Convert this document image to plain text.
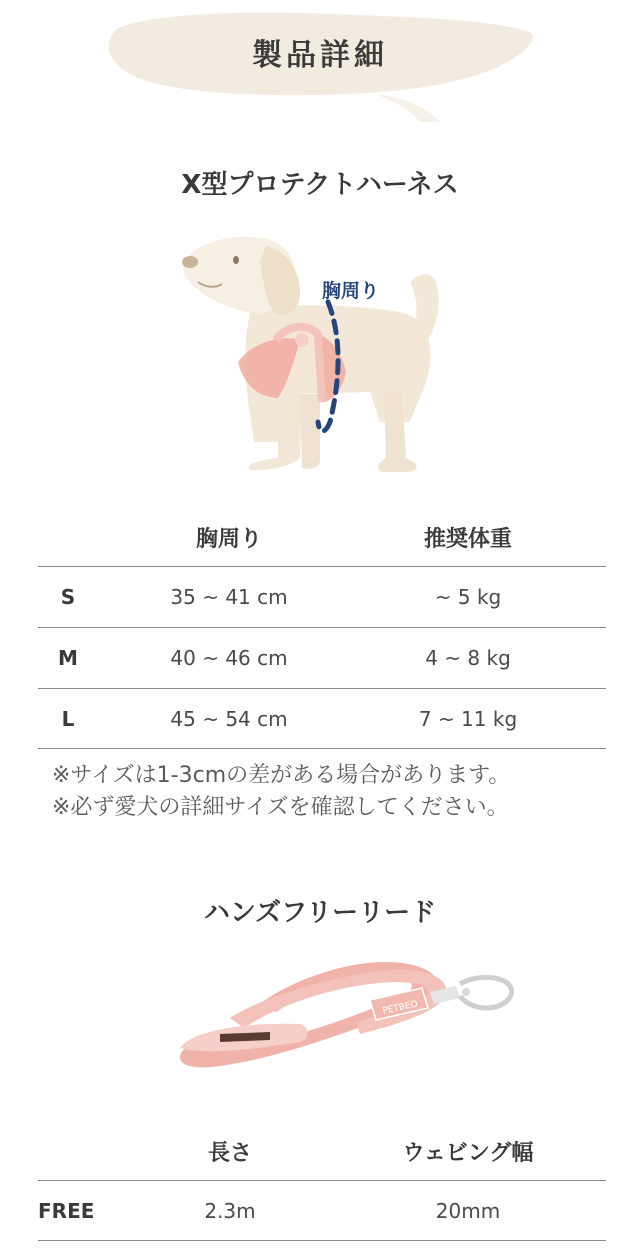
製品詳細
X型プロテクトハーネス
胸周り
胸周り	推奨体重
S	35 ~ 41 cm	~ 5 kg
M	40 ~ 46 cm	4 ~ 8 kg
L	45 ~ 54 cm	7 ~ 11 kg
※サイズは1-3cmの差がある場合があります。
※必ず愛犬の詳細サイズを確認してください。
ハンズフリーリード
PETBEO
長さ	ウェビング幅
FREE	2.3m	20mm
